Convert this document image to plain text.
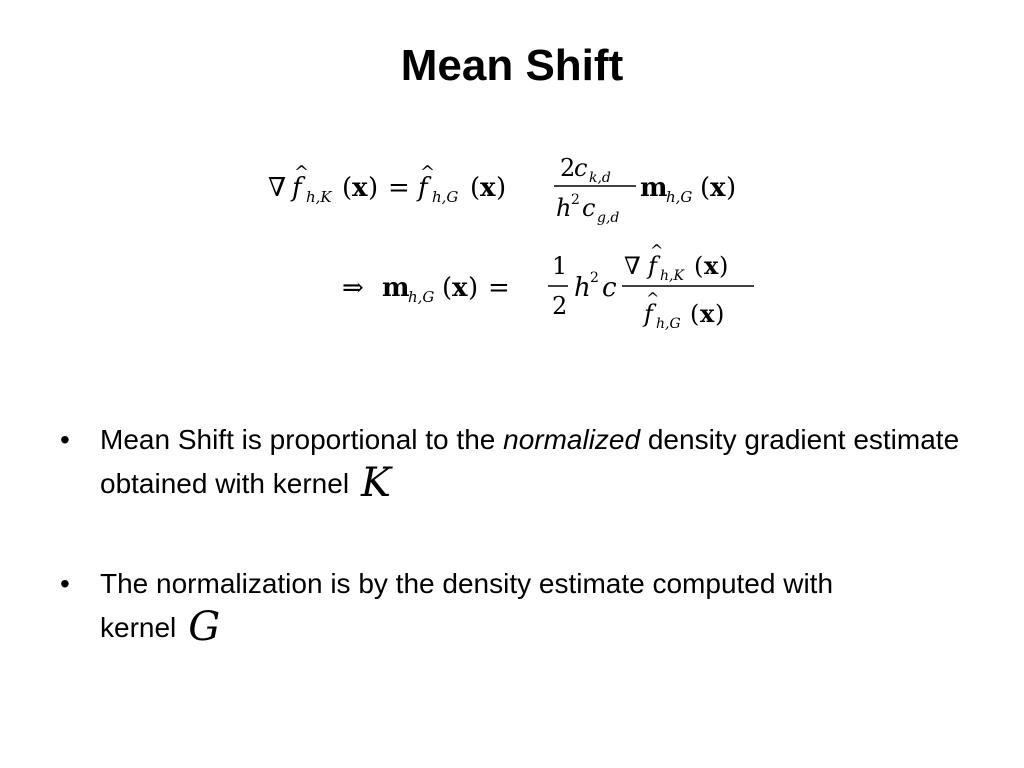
Mean Shift
∇ f
^
h,K ( x ) = f
^
h,G ( x )
2
c k,d
h 2 c g,d
m
h,G ( x )
⇒ m
h,G ( x ) =
1
2
h 2 c
∇ f
^
h,K ( x )
f
^
h,G ( x )
• Mean Shift is proportional to the normalized density gradient estimate obtained with kernel K
• The normalization is by the density estimate computed with kernel G
